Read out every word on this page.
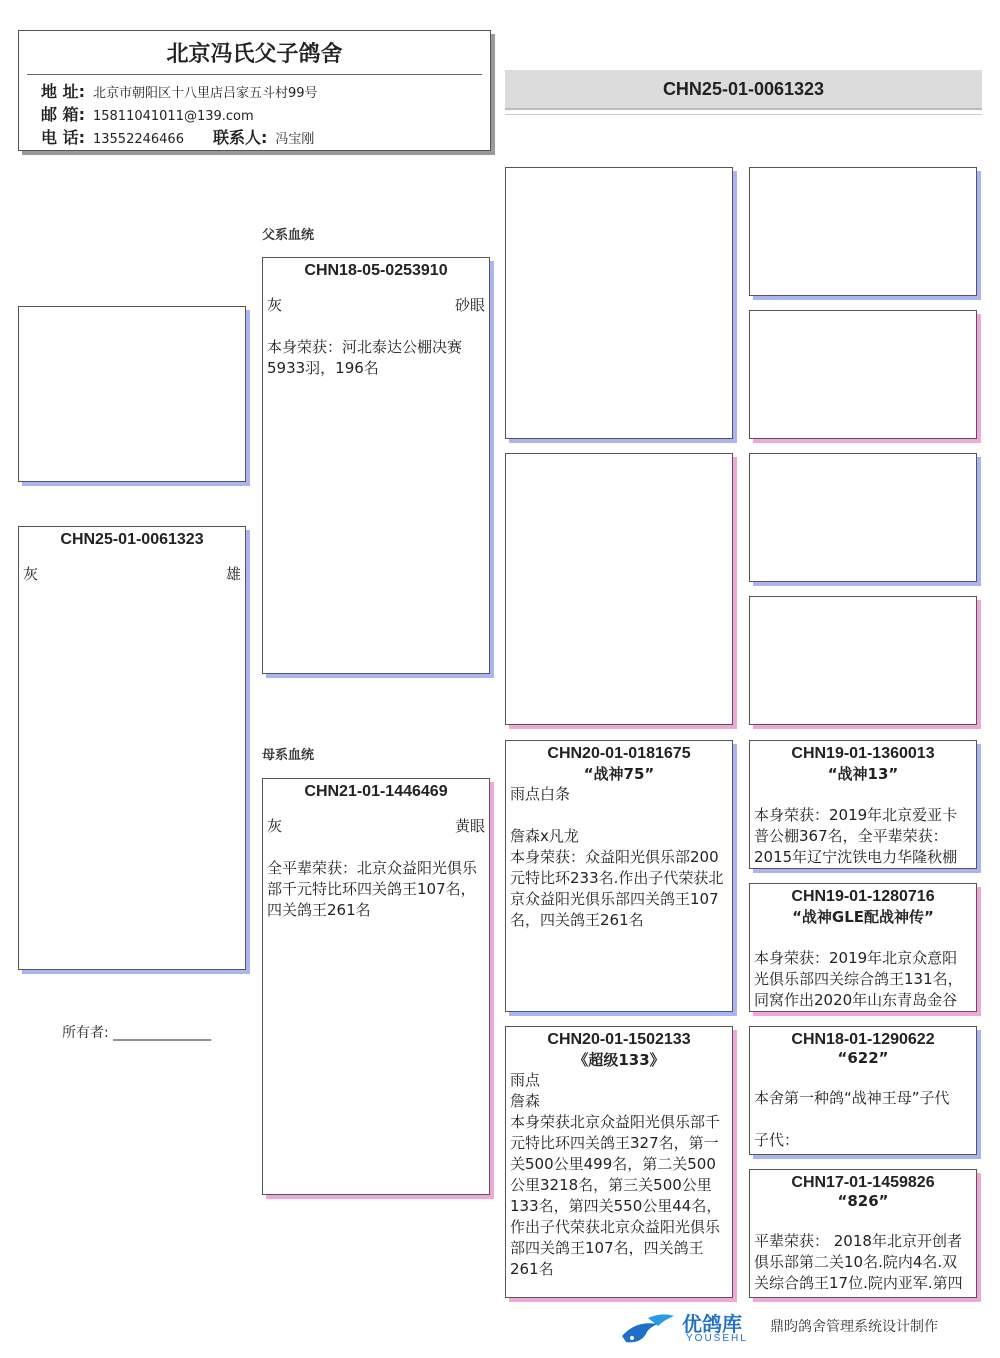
北京冯氏父子鸽舍
地 址: 北京市朝阳区十八里店吕家五斗村99号
邮 箱: 15811041011@139.com
电 话: 13552246466 联系人: 冯宝刚
CHN25-01-0061323
CHN25-01-0061323
灰	雄
所有者: ______________
父系血统
母系血统
CHN18-05-0253910
灰	砂眼
本身荣获：河北泰达公棚决赛5933羽，196名
CHN21-01-1446469
灰	黄眼
全平辈荣获：北京众益阳光俱乐部千元特比环四关鸽王107名，四关鸽王261名
CHN20-01-0181675
“战神75”
雨点白条
詹森x凡龙
本身荣获：众益阳光俱乐部200元特比环233名.作出子代荣获北京众益阳光俱乐部四关鸽王107名，四关鸽王261名
CHN20-01-1502133
《超级133》
雨点
詹森
本身荣获北京众益阳光俱乐部千元特比环四关鸽王327名，第一关500公里499名，第二关500公里3218名，第三关500公里133名，第四关550公里44名，作出子代荣获北京众益阳光俱乐部四关鸽王107名，四关鸽王261名
CHN19-01-1360013
“战神13”
本身荣获：2019年北京爱亚卡普公棚367名，全平辈荣获：2015年辽宁沈铁电力华隆秋棚
CHN19-01-1280716
“战神GLE配战神传”
本身荣获：2019年北京众意阳光俱乐部四关综合鸽王131名，同窝作出2020年山东青岛金谷
CHN18-01-1290622
“622”
本舍第一种鸽“战神王母”子代

子代：
CHN17-01-1459826
“826”
平辈荣获： 2018年北京开创者俱乐部第二关10名.院内4名.双关综合鸽王17位.院内亚军.第四
优鸽库
YOUSEHL
鼎昀鸽舍管理系统设计制作
